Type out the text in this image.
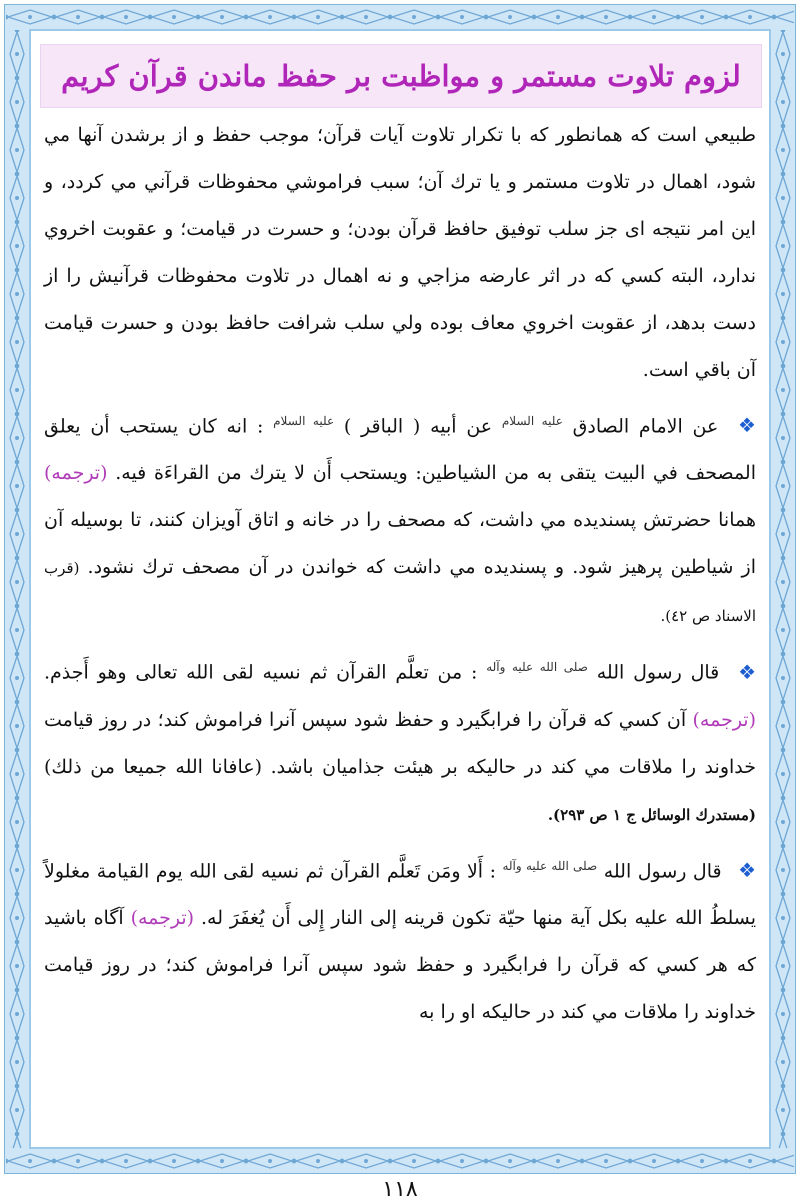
لزوم تلاوت مستمر و مواظبت بر حفظ ماندن قرآن كريم

طبيعي است كه همانطور كه با تكرار تلاوت آيات قرآن؛ موجب حفظ و از برشدن آنها مي شود، اهمال در تلاوت مستمر و يا ترك آن؛ سبب فراموشي محفوظات قرآني مي كردد، و اين امر نتيجه اى جز سلب توفيق حافظ قرآن بودن؛ و حسرت در قيامت؛ و عقوبت اخروي ندارد، البته كسي كه در اثر عارضه مزاجي و نه اهمال در تلاوت محفوظات قرآنيش را از دست بدهد، از عقوبت اخروي معاف بوده ولي سلب شرافت حافظ بودن و حسرت قيامت آن باقي است.

❖ عن الامام الصادق $^{عليه السلام}$ عن أبيه ( الباقر ) $^{عليه السلام}$ : انه كان يستحب أن يعلق المصحف في البيت يتقى به من الشياطين: ويستحب أَن لا يترك من القراءَة فيه. (ترجمه) همانا حضرتش پسنديده مي داشت، كه مصحف را در خانه و اتاق آويزان كنند، تا بوسيله آن از شياطين پرهيز شود. و پسنديده مي داشت كه خواندن در آن مصحف ترك نشود. (قرب الاسناد ص ٤٢).

❖ قال رسول الله $^{صلى الله عليه وآله}$ : من تعلَّم القرآن ثم نسيه لقى الله تعالى وهو أَجذم. (ترجمه) آن كسي كه قرآن را فرابگيرد و حفظ شود سپس آنرا فراموش كند؛ در روز قيامت خداوند را ملاقات مي كند در حاليكه بر هيئت جذاميان باشد. (عافانا الله جميعا من ذلك) (مستدرك الوسائل ج ١ ص ٢٩٣).

❖ قال رسول الله $^{صلى الله عليه وآله}$ : أَلا ومَن تَعلَّم القرآن ثم نسيه لقى الله يوم القيامة مغلولاً يسلطُ الله عليه بكل آية منها حيّة تكون قرينه إلى النار إِلى أَن يُغفَرَ له. (ترجمه) آگاه باشيد كه هر كسي كه قرآن را فرابگيرد و حفظ شود سپس آنرا فراموش كند؛ در روز قيامت خداوند را ملاقات مي كند در حاليكه او را به

١١٨
